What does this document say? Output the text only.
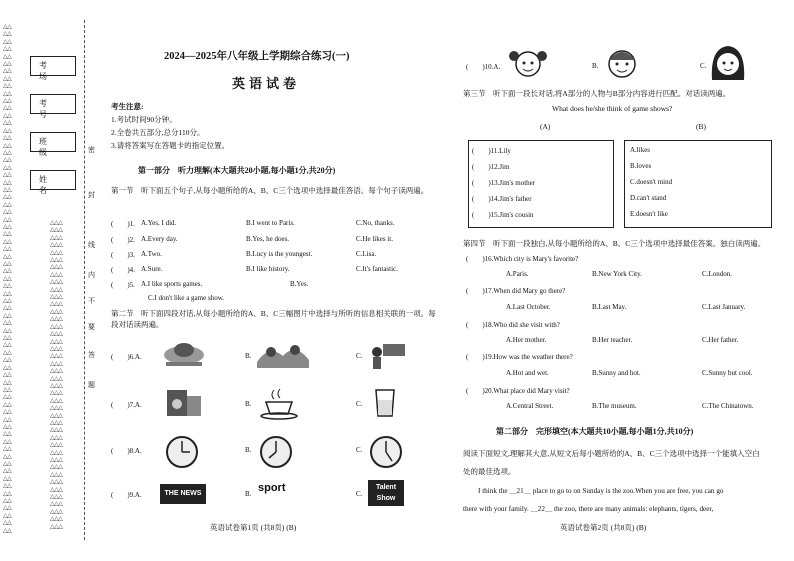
△△
△△
△△
△△
△△
△△
△△
△△
△△
△△
△△
△△
△△
△△
△△
△△
△△
△△
△△
△△
△△
△△
△△
△△
△△
△△
△△
△△
△△
△△
△△
△△
△△
△△
△△
△△
△△
△△
△△
△△
△△
△△
△△
△△
△△
△△
△△
△△
△△
△△
△△
△△
△△
△△
△△
△△
△△
△△
△△
△△
△△
△△
△△
△△
△△
△△
△△
△△
△△
△△△
△△△
△△△
△△△
△△△
△△△
△△△
△△△
△△△
△△△
△△△
△△△
△△△
△△△
△△△
△△△
△△△
△△△
△△△
△△△
△△△
△△△
△△△
△△△
△△△
△△△
△△△
△△△
△△△
△△△
△△△
△△△
△△△
△△△
△△△
△△△
△△△
△△△
△△△
△△△
△△△
△△△
考　场
考　号
班　级
姓　名
密
封
线
内
不
要
答
题
2024—2025年八年级上学期综合练习(一)
英语试卷
考生注意:
1.考试时间90分钟。
2.全卷共五部分,总分110分。
3.请将答案写在答题卡的指定位置。
第一部分　听力理解(本大题共20小题,每小题1分,共20分)
第一节　听下面五个句子,从每小题所给的A、B、C三个选项中选择最佳答语。每个句子读两遍。
(　　)1. A.Yes, I did.	B.I went to Paris.	C.No, thanks.
(　　)2. A.Every day.	B.Yes, he does.	C.He likes it.
(　　)3. A.Two.	B.Lucy is the youngest.	C.Lisa.
(　　)4. A.Sure.	B.I like history.	C.It's fantastic.
(　　)5. A.I like sports games.	B.Yes.
C.I don't like a game show.
第二节　听下面四段对话,从每小题所给的A、B、C三幅图片中选择与所听的信息相关联的一项。每段对话读两遍。
(　　)6.A.	B.	C.
(　　)7.A.	B.	C.
(　　)8.A.	B.	C.
(　　)9.A.	B.	C.
THE NEWS	sport	Talent Show
英语试卷第1页 (共8页) (B)
(　　)10.A.	B.	C.
第三节　听下面一段长对话,将A部分的人物与B部分内容进行匹配。对话读两遍。
What does he/she think of game shows?
(A)	(B)
(　　)11.Lily
(　　)12.Jim
(　　)13.Jim's mother
(　　)14.Jim's father
(　　)15.Jim's cousin
A.likes
B.loves
C.doesn't mind
D.can't stand
E.doesn't like
第四节　听下面一段独白,从每小题所给的A、B、C三个选项中选择最佳答案。独白读两遍。
(　　)16.Which city is Mary's favorite?
A.Paris.	B.New York City.	C.London.
(　　)17.When did Mary go there?
A.Last October.	B.Last May.	C.Last January.
(　　)18.Who did she visit with?
A.Her mother.	B.Her teacher.	C.Her father.
(　　)19.How was the weather there?
A.Hot and wet.	B.Sunny and hot.	C.Sunny but cool.
(　　)20.What place did Mary visit?
A.Central Street.	B.The museum.	C.The Chinatown.
第二部分　完形填空(本大题共10小题,每小题1分,共10分)
阅读下面短文,理解其大意,从短文后每小题所给的A、B、C三个选项中选择一个能填入空白
处的最佳选项。
I think the ＿21＿ place to go to on Sunday is the zoo.When you are free, you can go
there with your family. ＿22＿ the zoo, there are many animals: elephants, tigers, deer,
英语试卷第2页 (共8页) (B)
